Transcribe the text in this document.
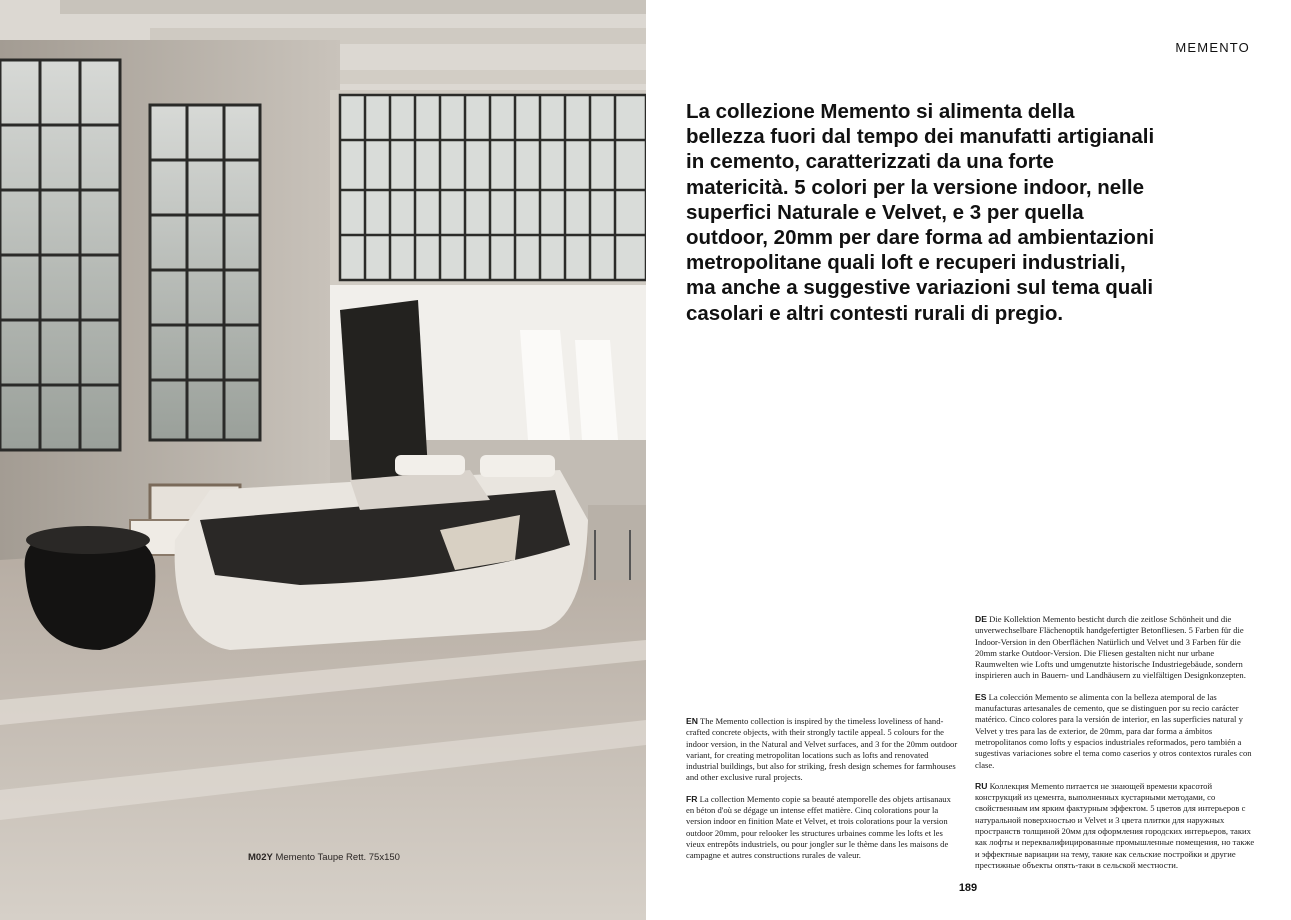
M02Y Memento Taupe Rett. 75x150
MEMENTO

La collezione Memento si alimenta della bellezza fuori dal tempo dei manufatti artigianali in cemento, caratterizzati da una forte matericità. 5 colori per la versione indoor, nelle superfici Naturale e Velvet, e 3 per quella outdoor, 20mm per dare forma ad ambientazioni metropolitane quali loft e recuperi industriali, ma anche a suggestive variazioni sul tema quali casolari e altri contesti rurali di pregio.

EN The Memento collection is inspired by the timeless loveliness of hand-crafted concrete objects, with their strongly tactile appeal. 5 colours for the indoor version, in the Natural and Velvet surfaces, and 3 for the 20mm outdoor variant, for creating metropolitan locations such as lofts and renovated industrial buildings, but also for striking, fresh design schemes for farmhouses and other exclusive rural projects.

FR La collection Memento copie sa beauté atemporelle des objets artisanaux en béton d'où se dégage un intense effet matière. Cinq colorations pour la version indoor en finition Mate et Velvet, et trois colorations pour la version outdoor 20mm, pour relooker les structures urbaines comme les lofts et les vieux entrepôts industriels, ou pour jongler sur le thème dans les maisons de campagne et autres constructions rurales de valeur.

DE Die Kollektion Memento besticht durch die zeitlose Schönheit und die unverwechselbare Flächenoptik handgefertigter Betonfliesen. 5 Farben für die Indoor-Version in den Oberflächen Natürlich und Velvet und 3 Farben für die 20mm starke Outdoor-Version. Die Fliesen gestalten nicht nur urbane Raumwelten wie Lofts und umgenutzte historische Industriegebäude, sondern inspirieren auch in Bauern- und Landhäusern zu vielfältigen Designkonzepten.

ES La colección Memento se alimenta con la belleza atemporal de las manufacturas artesanales de cemento, que se distinguen por su recio carácter matérico. Cinco colores para la versión de interior, en las superficies natural y Velvet y tres para las de exterior, de 20mm, para dar forma a ámbitos metropolitanos como lofts y espacios industriales reformados, pero también a sugestivas variaciones sobre el tema como caserios y otros contextos rurales con clase.

RU Коллекция Memento питается не знающей времени красотой конструкций из цемента, выполненных кустарными методами, со свойственным им ярким фактурным эффектом. 5 цветов для интерьеров с натуральной поверхностью и Velvet и 3 цвета плитки для наружных пространств толщиной 20мм для оформления городских интерьеров, таких как лофты и переквалифицированные промышленные помещения, но также и эффектные вариации на тему, такие как сельские постройки и другие престижные объекты опять-таки в сельской местности.

189
